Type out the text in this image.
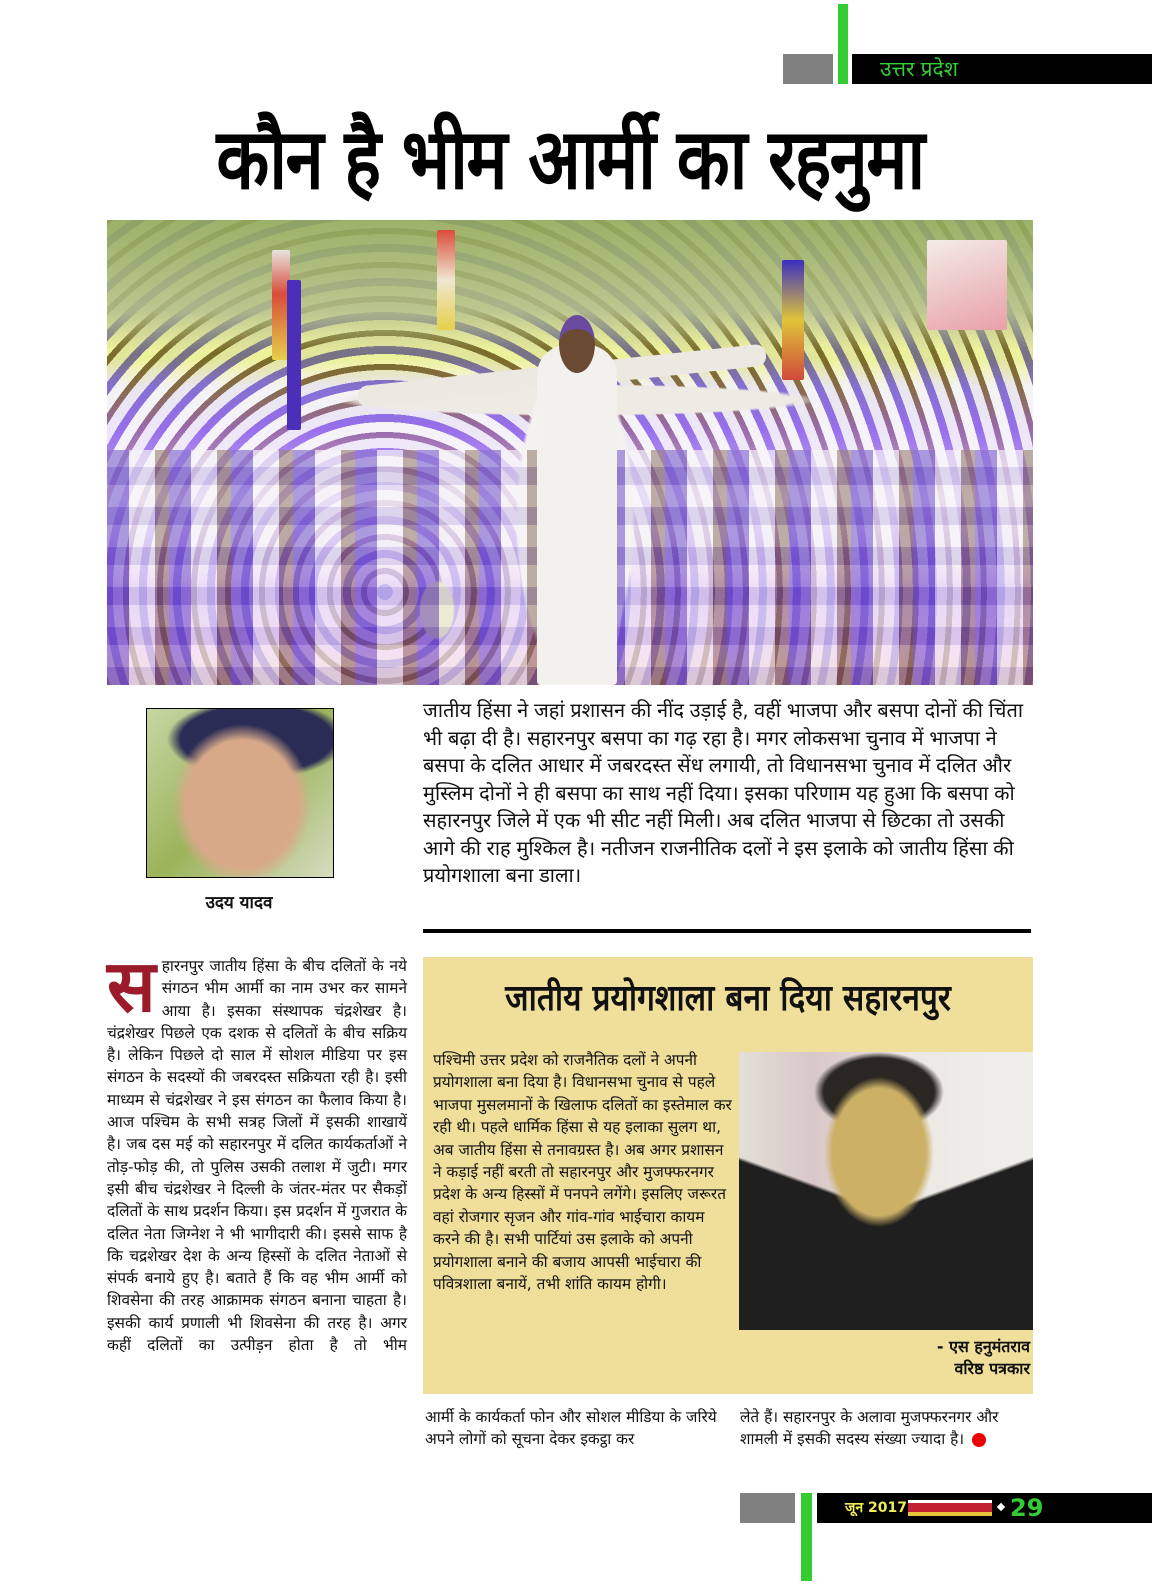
उत्तर प्रदेश
कौन है भीम आर्मी का रहनुमा
उदय यादव
जातीय हिंसा ने जहां प्रशासन की नींद उड़ाई है, वहीं भाजपा और बसपा दोनों की चिंता भी बढ़ा दी है। सहारनपुर बसपा का गढ़ रहा है। मगर लोकसभा चुनाव में भाजपा ने बसपा के दलित आधार में जबरदस्त सेंध लगायी, तो विधानसभा चुनाव में दलित और मुस्लिम दोनों ने ही बसपा का साथ नहीं दिया। इसका परिणाम यह हुआ कि बसपा को सहारनपुर जिले में एक भी सीट नहीं मिली। अब दलित भाजपा से छिटका तो उसकी आगे की राह मुश्किल है। नतीजन राजनीतिक दलों ने इस इलाके को जातीय हिंसा की प्रयोगशाला बना डाला।
स हारनपुर जातीय हिंसा के बीच दलितों के नये संगठन भीम आर्मी का नाम उभर कर सामने आया है। इसका संस्थापक चंद्रशेखर है। चंद्रशेखर पिछले एक दशक से दलितों के बीच सक्रिय है। लेकिन पिछले दो साल में सोशल मीडिया पर इस संगठन के सदस्यों की जबरदस्त सक्रियता रही है। इसी माध्यम से चंद्रशेखर ने इस संगठन का फैलाव किया है। आज पश्चिम के सभी सत्रह जिलों में इसकी शाखायें है। जब दस मई को सहारनपुर में दलित कार्यकर्ताओं ने तोड़-फोड़ की, तो पुलिस उसकी तलाश में जुटी। मगर इसी बीच चंद्रशेखर ने दिल्ली के जंतर-मंतर पर सैकड़ों दलितों के साथ प्रदर्शन किया। इस प्रदर्शन में गुजरात के दलित नेता जिग्नेश ने भी भागीदारी की। इससे साफ है कि चद्रशेखर देश के अन्य हिस्सों के दलित नेताओं से संपर्क बनाये हुए है। बताते हैं कि वह भीम आर्मी को शिवसेना की तरह आक्रामक संगठन बनाना चाहता है। इसकी कार्य प्रणाली भी शिवसेना की तरह है। अगर कहीं दलितों का उत्पीड़न होता है तो भीम
जातीय प्रयोगशाला बना दिया सहारनपुर
पश्चिमी उत्तर प्रदेश को राजनैतिक दलों ने अपनी प्रयोगशाला बना दिया है। विधानसभा चुनाव से पहले भाजपा मुसलमानों के खिलाफ दलितों का इस्तेमाल कर रही थी। पहले धार्मिक हिंसा से यह इलाका सुलग था, अब जातीय हिंसा से तनावग्रस्त है। अब अगर प्रशासन ने कड़ाई नहीं बरती तो सहारनपुर और मुजफ्फरनगर प्रदेश के अन्य हिस्सों में पनपने लगेंगे। इसलिए जरूरत वहां रोजगार सृजन और गांव-गांव भाईचारा कायम करने की है। सभी पार्टियां उस इलाके को अपनी प्रयोगशाला बनाने की बजाय आपसी भाईचारा की पवित्रशाला बनायें, तभी शांति कायम होगी।
- एस हनुमंतराव
वरिष्ठ पत्रकार
आर्मी के कार्यकर्ता फोन और सोशल मीडिया के जरिये अपने लोगों को सूचना देकर इकट्ठा कर
लेते हैं। सहारनपुर के अलावा मुजफ्फरनगर और शामली में इसकी सदस्य संख्या ज्यादा है।
जून 2017	29
